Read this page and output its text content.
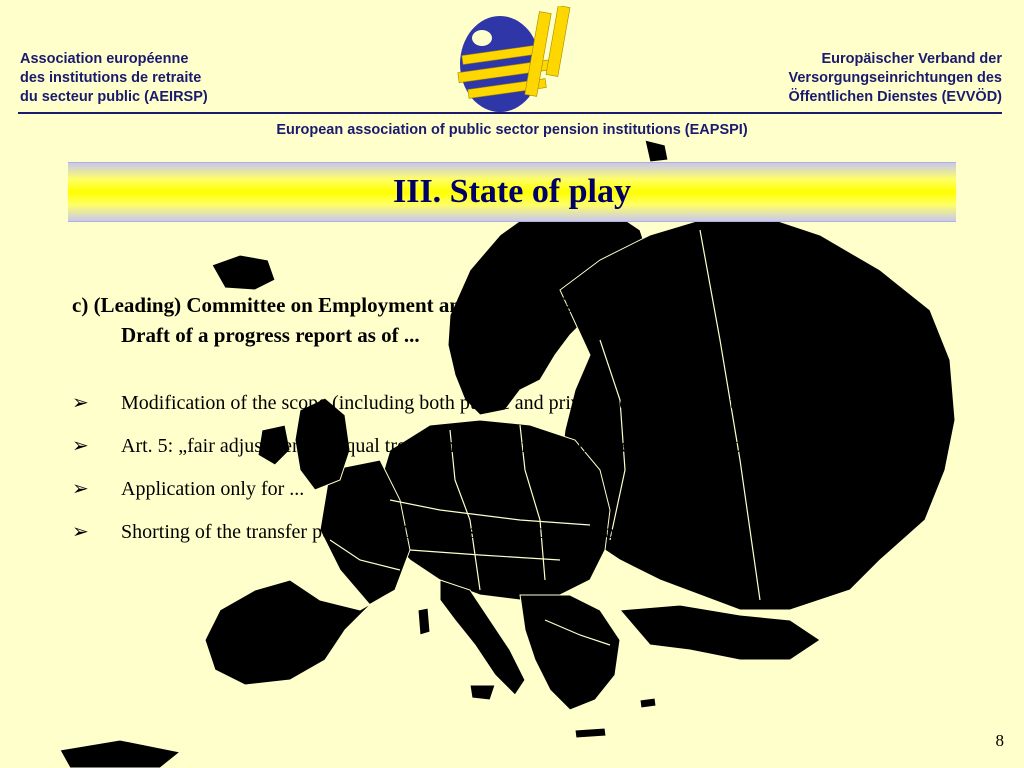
Association européenne
des institutions de retraite
du secteur public (AEIRSP)
Europäischer Verband der
Versorgungseinrichtungen des
Öffentlichen Dienstes (EVVÖD)
European association of public sector pension institutions (EAPSPI)
III. State of play
c) (Leading) Committee on Employment and Social Affairs
Draft of a progress report as of ...
➢	Modification of the scope (including both public and private pensions without any exceptions)
➢	Art. 5: „fair adjustment“ – equal treatment of deferred pensioners with pensioners
➢	Application only for ...
➢	Shorting of the transfer periods (... 0 months) ... waiting periods
8
